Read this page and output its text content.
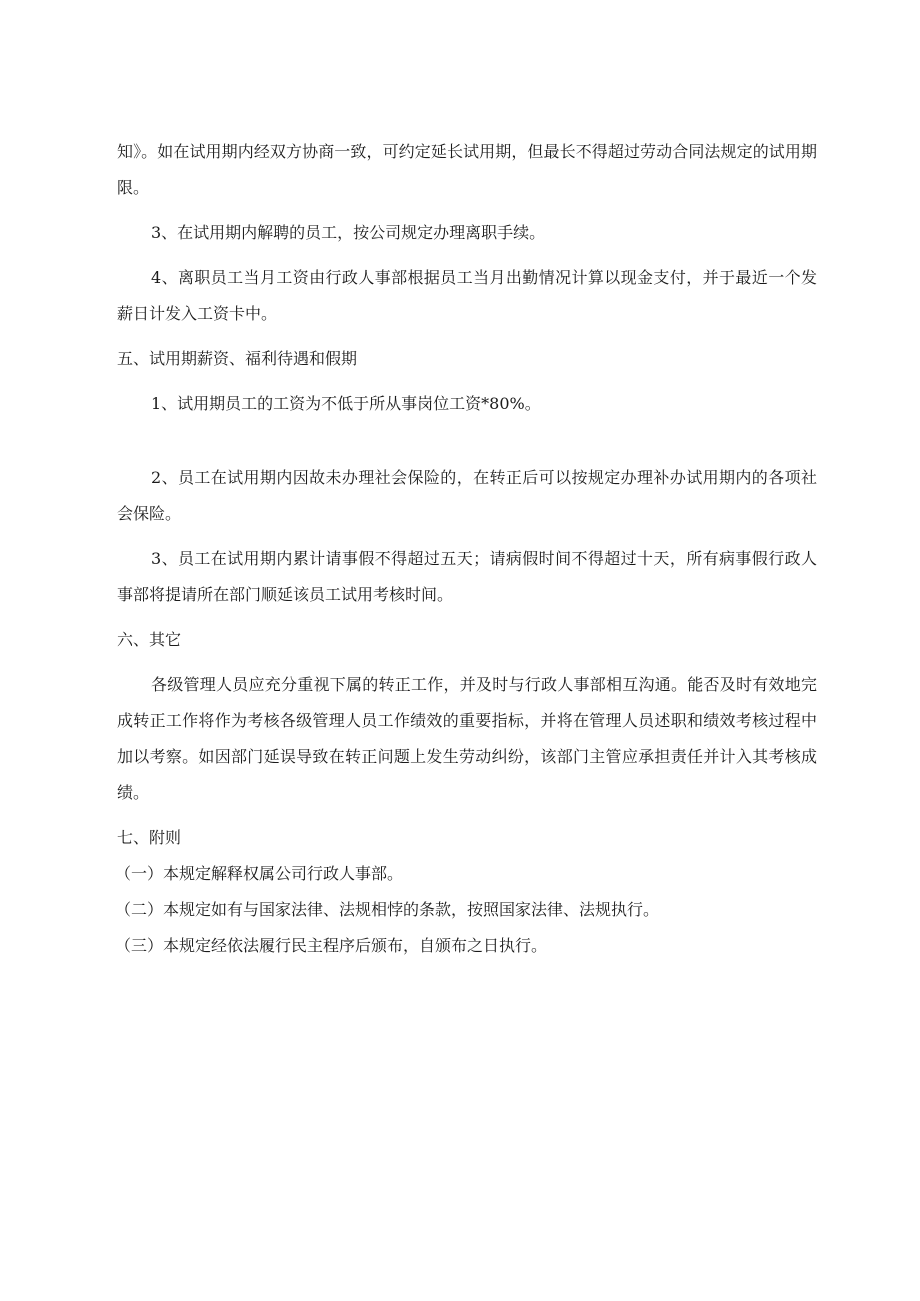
知》。如在试用期内经双方协商一致，可约定延长试用期，但最长不得超过劳动合同法规定的试用期限。

3、在试用期内解聘的员工，按公司规定办理离职手续。

4、离职员工当月工资由行政人事部根据员工当月出勤情况计算以现金支付，并于最近一个发薪日计发入工资卡中。

五、试用期薪资、福利待遇和假期

1、试用期员工的工资为不低于所从事岗位工资*80%。

2、员工在试用期内因故未办理社会保险的，在转正后可以按规定办理补办试用期内的各项社会保险。

3、员工在试用期内累计请事假不得超过五天；请病假时间不得超过十天，所有病事假行政人事部将提请所在部门顺延该员工试用考核时间。

六、其它

各级管理人员应充分重视下属的转正工作，并及时与行政人事部相互沟通。能否及时有效地完成转正工作将作为考核各级管理人员工作绩效的重要指标，并将在管理人员述职和绩效考核过程中加以考察。如因部门延误导致在转正问题上发生劳动纠纷，该部门主管应承担责任并计入其考核成绩。

七、附则

（一）本规定解释权属公司行政人事部。

（二）本规定如有与国家法律、法规相悖的条款，按照国家法律、法规执行。

（三）本规定经依法履行民主程序后颁布，自颁布之日执行。
